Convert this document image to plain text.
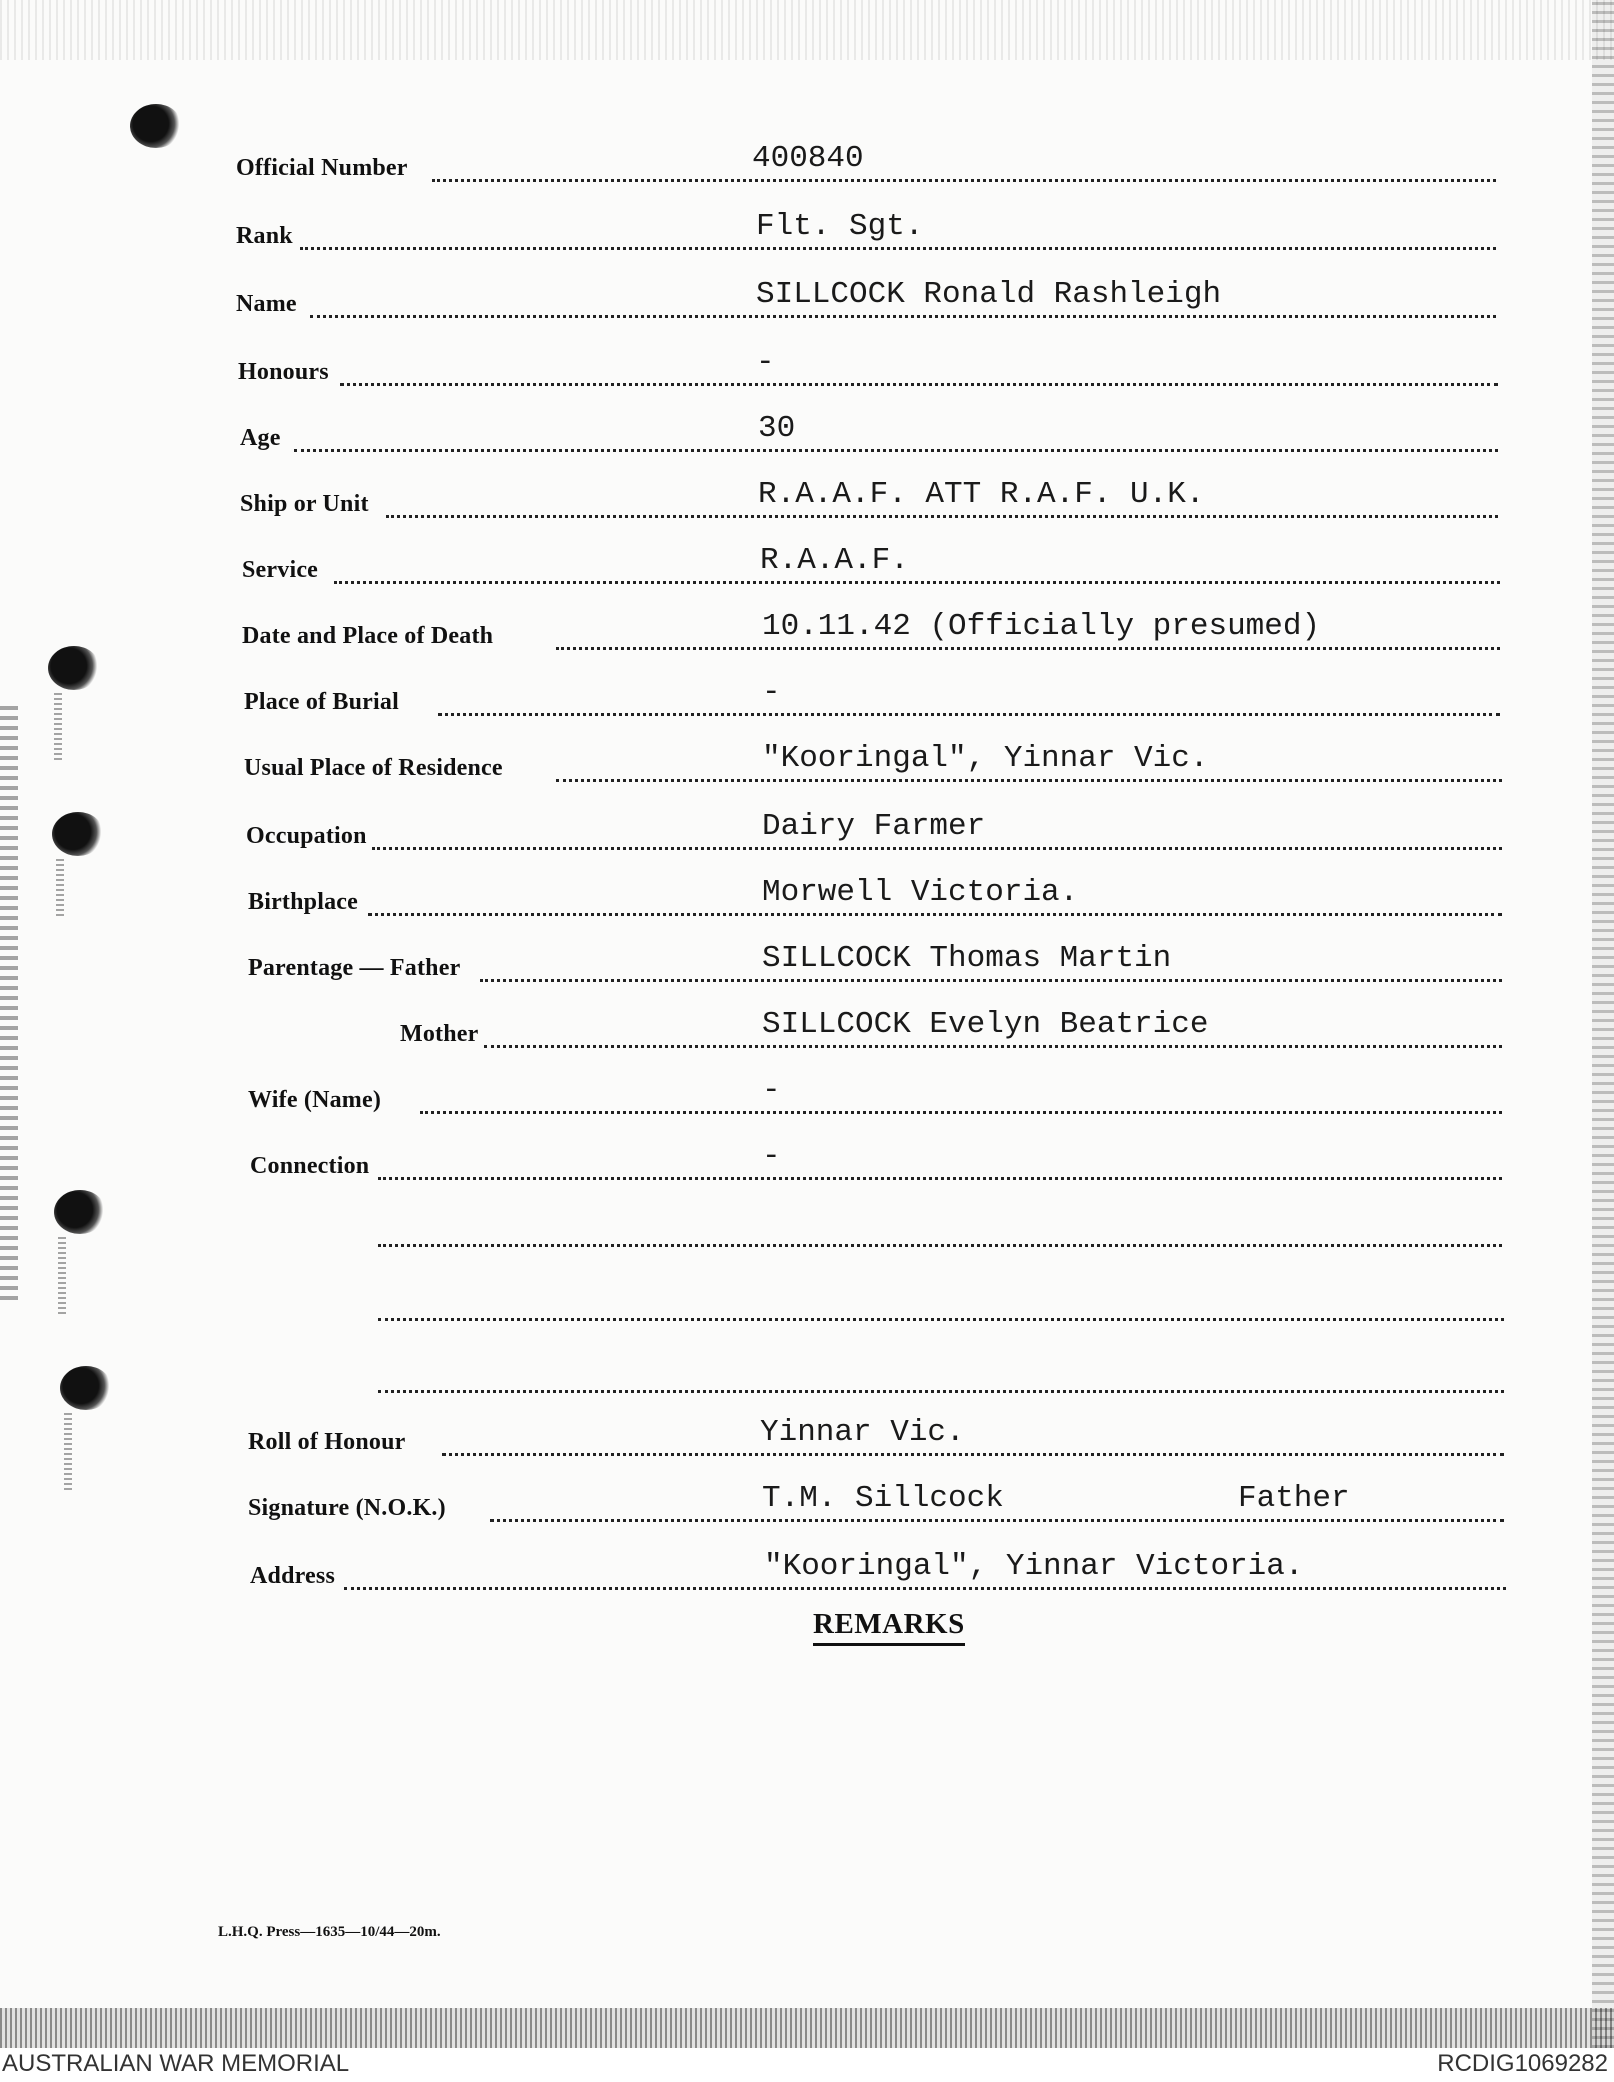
Official Number	400840
Rank	Flt. Sgt.
Name	SILLCOCK Ronald Rashleigh
Honours	-
Age	30
Ship or Unit	R.A.A.F. ATT R.A.F. U.K.
Service	R.A.A.F.
Date and Place of Death	10.11.42 (Officially presumed)
Place of Burial	-
Usual Place of Residence	"Kooringal", Yinnar Vic.
Occupation	Dairy Farmer
Birthplace	Morwell Victoria.
Parentage — Father	SILLCOCK Thomas Martin
Mother	SILLCOCK Evelyn Beatrice
Wife (Name)	-
Connection	-
Roll of Honour	Yinnar Vic.
Signature (N.O.K.)	T.M. Sillcock	Father
Address	"Kooringal", Yinnar Victoria.
REMARKS
L.H.Q. Press—1635—10/44—20m.
AUSTRALIAN WAR MEMORIAL	RCDIG1069282
